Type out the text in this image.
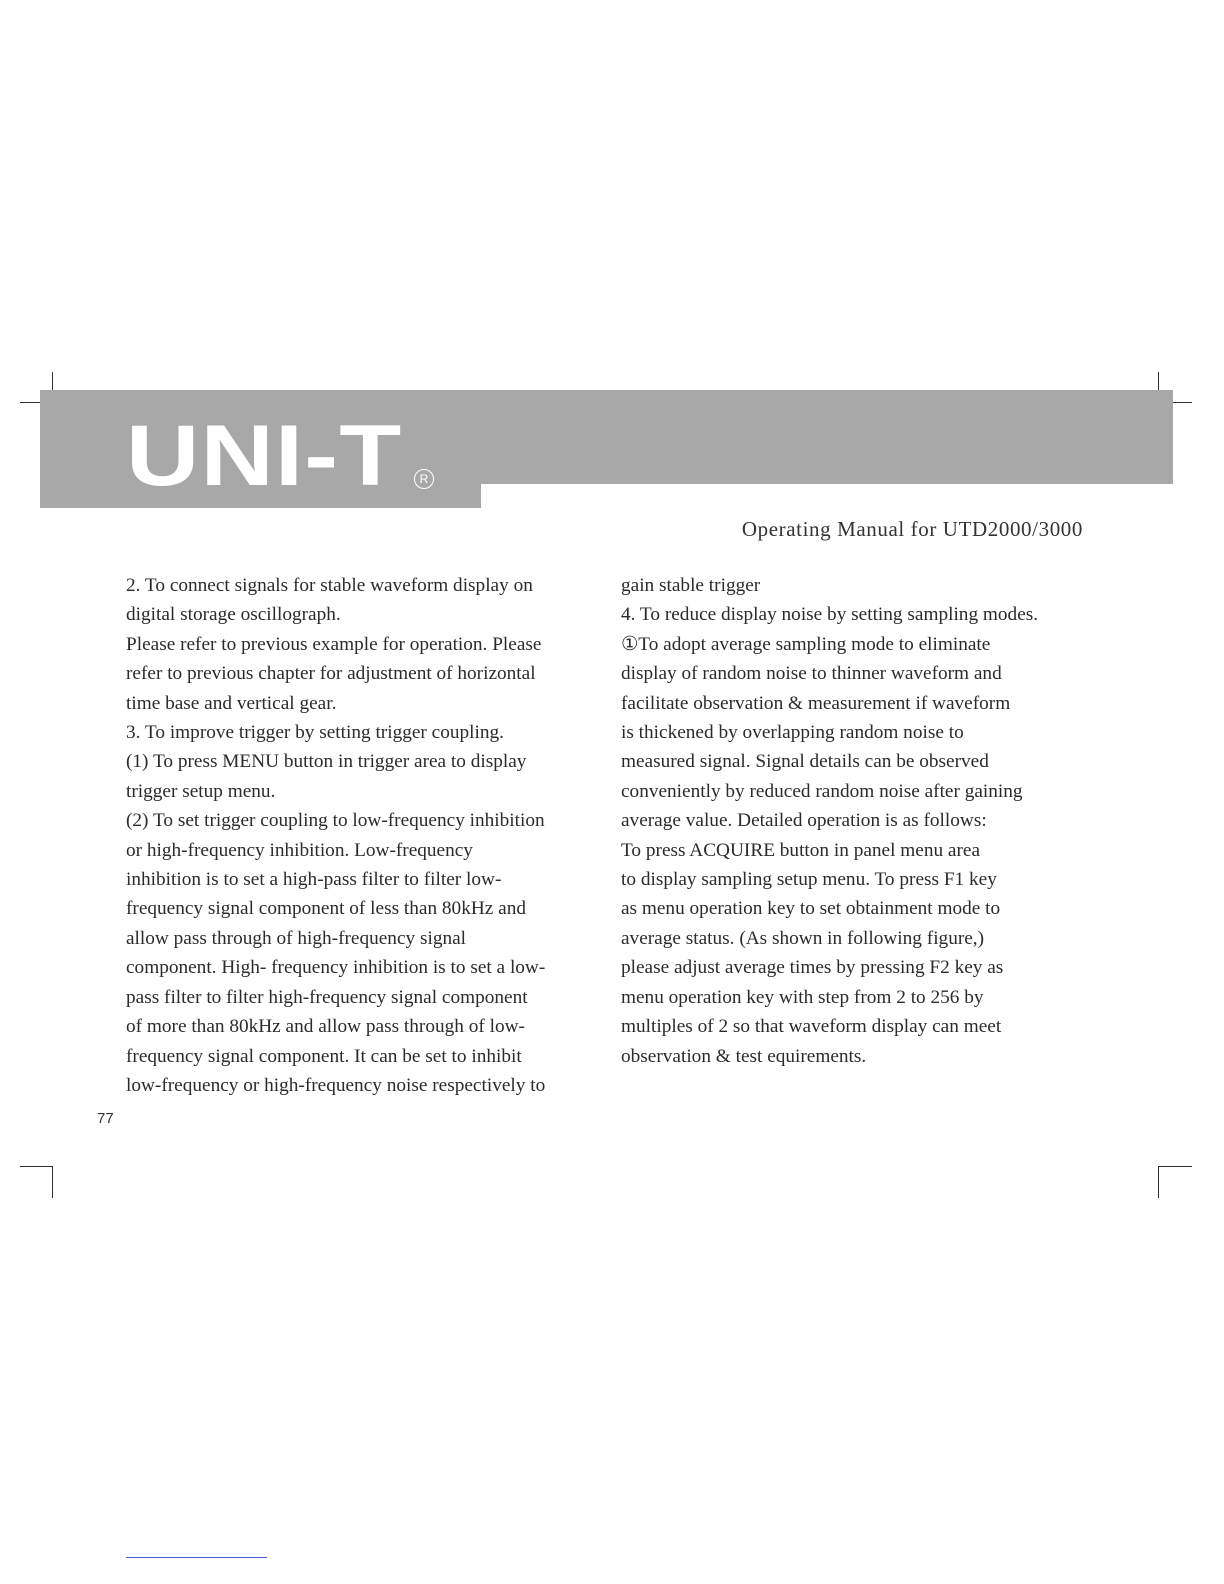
UNI-T	R
Operating Manual for UTD2000/3000
2. To connect signals for stable waveform display on
digital storage oscillograph.
Please refer to previous example for operation. Please
refer to previous chapter for adjustment of horizontal
time base and vertical gear.
3. To improve trigger by setting trigger coupling.
(1) To press MENU button in trigger area to display
trigger setup menu.
(2) To set trigger coupling to low-frequency inhibition
or high-frequency inhibition. Low-frequency
inhibition is to set a high-pass filter to filter low-
frequency signal component of less than 80kHz and
allow pass through of high-frequency signal
component. High- frequency inhibition is to set a low-
pass filter to filter high-frequency signal component
of more than 80kHz and allow pass through of low-
frequency signal component. It can be set to inhibit
low-frequency or high-frequency noise respectively to
gain stable trigger
4. To reduce display noise by setting sampling modes.
①To adopt average sampling mode to eliminate
display of random noise to thinner waveform and
facilitate observation & measurement if waveform
is thickened by overlapping random noise to
measured signal. Signal details can be observed
conveniently by reduced random noise after gaining
average value. Detailed operation is as follows:
To press ACQUIRE button in panel menu area
to display sampling setup menu. To press F1 key
as menu operation key to set obtainment mode to
average status. (As shown in following figure,)
please adjust average times by pressing F2 key as
menu operation key with step from 2 to 256 by
multiples of 2 so that waveform display can meet
observation & test equirements.
77
